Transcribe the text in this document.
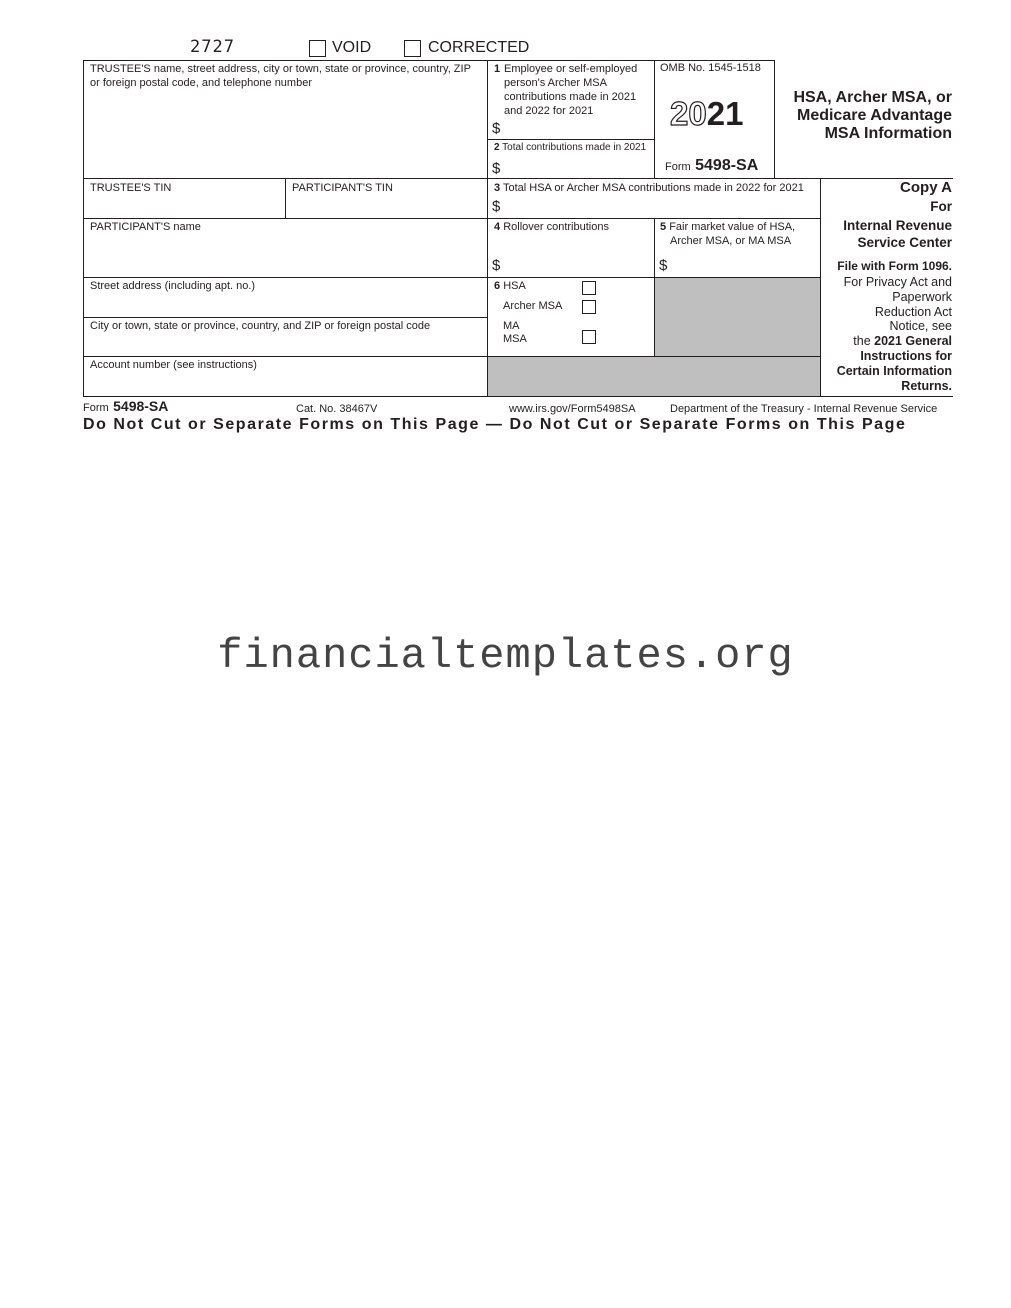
2727	VOID	CORRECTED
TRUSTEE'S name, street address, city or town, state or province, country, ZIP or foreign postal code, and telephone number
1 Employee or self-employed person's Archer MSA contributions made in 2021 and 2022 for 2021
$
2 Total contributions made in 2021
$
OMB No. 1545-1518
2021
Form 5498-SA
HSA, Archer MSA, or
Medicare Advantage
MSA Information
TRUSTEE'S TIN	PARTICIPANT'S TIN	3 Total HSA or Archer MSA contributions made in 2022 for 2021
$
PARTICIPANT'S name	4 Rollover contributions
$
5 Fair market value of HSA,
Archer MSA, or MA MSA
$
Street address (including apt. no.)
City or town, state or province, country, and ZIP or foreign postal code
6 HSA
Archer MSA
MA
MSA
Account number (see instructions)
Copy A
For
Internal Revenue
Service Center
File with Form 1096.
For Privacy Act and
Paperwork
Reduction Act
Notice, see
the 2021 General
Instructions for
Certain Information
Returns.
Form 5498-SA	Cat. No. 38467V	www.irs.gov/Form5498SA	Department of the Treasury - Internal Revenue Service
Do Not Cut or Separate Forms on This Page — Do Not Cut or Separate Forms on This Page
financialtemplates.org
